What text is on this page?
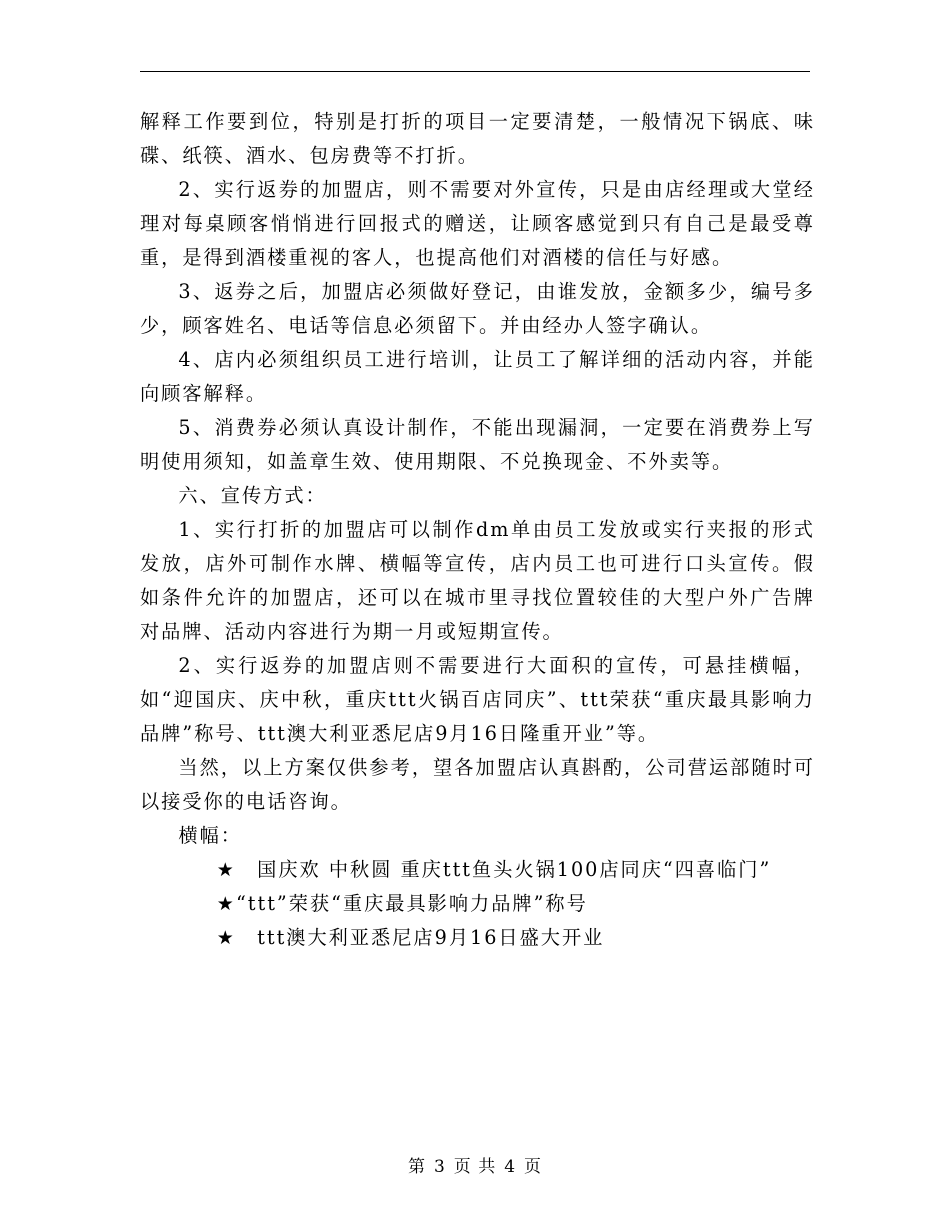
解释工作要到位，特别是打折的项目一定要清楚，一般情况下锅底、味碟、纸筷、酒水、包房费等不打折。

2、实行返券的加盟店，则不需要对外宣传，只是由店经理或大堂经理对每桌顾客悄悄进行回报式的赠送，让顾客感觉到只有自己是最受尊重，是得到酒楼重视的客人，也提高他们对酒楼的信任与好感。

3、返券之后，加盟店必须做好登记，由谁发放，金额多少，编号多少，顾客姓名、电话等信息必须留下。并由经办人签字确认。

4、店内必须组织员工进行培训，让员工了解详细的活动内容，并能向顾客解释。

5、消费券必须认真设计制作，不能出现漏洞，一定要在消费券上写明使用须知，如盖章生效、使用期限、不兑换现金、不外卖等。

六、宣传方式：

1、实行打折的加盟店可以制作dm单由员工发放或实行夹报的形式发放，店外可制作水牌、横幅等宣传，店内员工也可进行口头宣传。假如条件允许的加盟店，还可以在城市里寻找位置较佳的大型户外广告牌对品牌、活动内容进行为期一月或短期宣传。

2、实行返券的加盟店则不需要进行大面积的宣传，可悬挂横幅，如“迎国庆、庆中秋，重庆ttt火锅百店同庆”、ttt荣获“重庆最具影响力品牌”称号、ttt澳大利亚悉尼店9月16日隆重开业”等。

当然，以上方案仅供参考，望各加盟店认真斟酌，公司营运部随时可以接受你的电话咨询。

横幅：

★　国庆欢 中秋圆 重庆ttt鱼头火锅100店同庆“四喜临门”

★“ttt”荣获“重庆最具影响力品牌”称号

★　ttt澳大利亚悉尼店9月16日盛大开业

第 3 页 共 4 页
